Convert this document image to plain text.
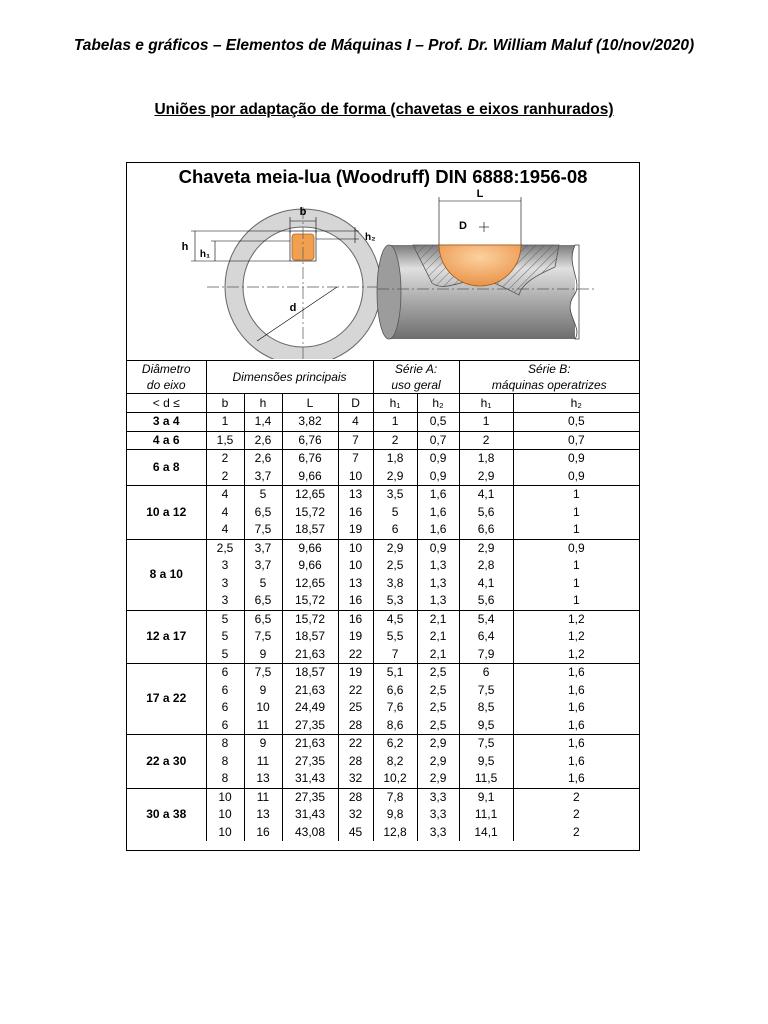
Tabelas e gráficos – Elementos de Máquinas I – Prof. Dr. William Maluf (10/nov/2020)
Uniões por adaptação de forma (chavetas e eixos ranhurados)
Chaveta meia-lua (Woodruff) DIN 6888:1956-08
b
h
h₁
h₂
d
L
D
Diâmetro	Dimensões principais				Série A:		Série B:	
do eixo					uso geral		máquinas operatrizes	
< d ≤	b	h	L	D	h₁	h₂	h₁	h₂
3 a 4	1	1,4	3,82	4	1	0,5	1	0,5
4 a 6	1,5	2,6	6,76	7	2	0,7	2	0,7
6 a 8	2	2,6	6,76	7	1,8	0,9	1,8	0,9
	2	3,7	9,66	10	2,9	0,9	2,9	0,9
10 a 12	4	5	12,65	13	3,5	1,6	4,1	1
	4	6,5	15,72	16	5	1,6	5,6	1
	4	7,5	18,57	19	6	1,6	6,6	1
8 a 10	2,5	3,7	9,66	10	2,9	0,9	2,9	0,9
	3	3,7	9,66	10	2,5	1,3	2,8	1
	3	5	12,65	13	3,8	1,3	4,1	1
	3	6,5	15,72	16	5,3	1,3	5,6	1
12 a 17	5	6,5	15,72	16	4,5	2,1	5,4	1,2
	5	7,5	18,57	19	5,5	2,1	6,4	1,2
	5	9	21,63	22	7	2,1	7,9	1,2
17 a 22	6	7,5	18,57	19	5,1	2,5	6	1,6
	6	9	21,63	22	6,6	2,5	7,5	1,6
	6	10	24,49	25	7,6	2,5	8,5	1,6
	6	11	27,35	28	8,6	2,5	9,5	1,6
22 a 30	8	9	21,63	22	6,2	2,9	7,5	1,6
	8	11	27,35	28	8,2	2,9	9,5	1,6
	8	13	31,43	32	10,2	2,9	11,5	1,6
30 a 38	10	11	27,35	28	7,8	3,3	9,1	2
	10	13	31,43	32	9,8	3,3	11,1	2
	10	16	43,08	45	12,8	3,3	14,1	2
